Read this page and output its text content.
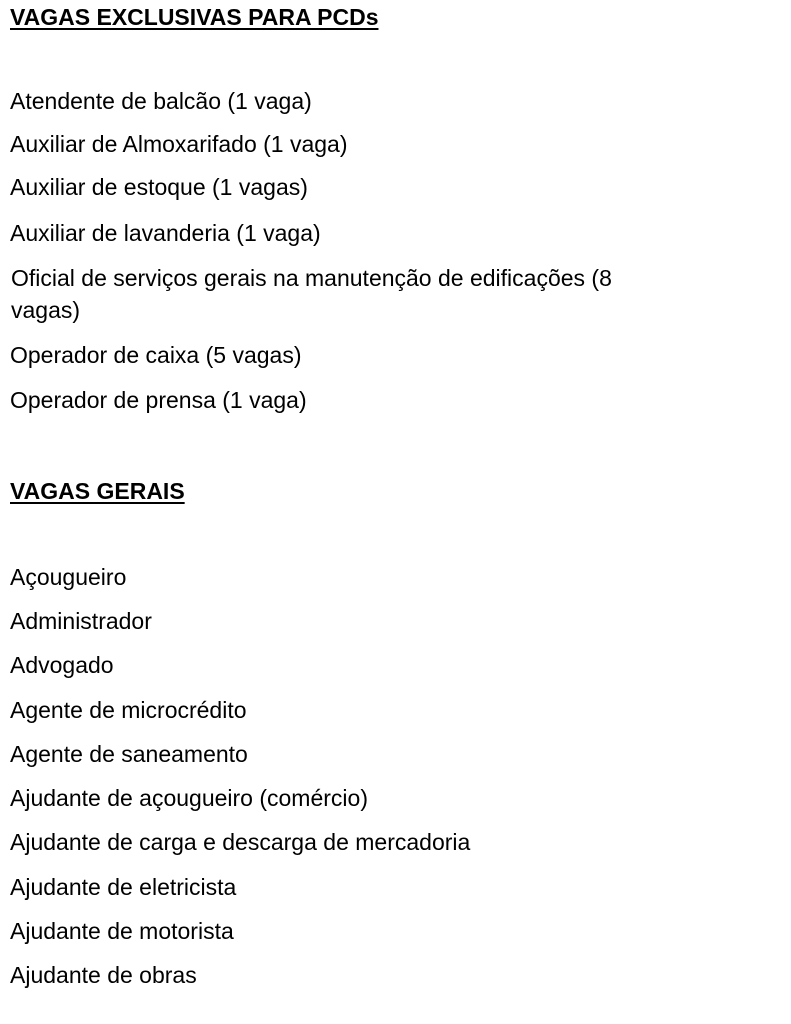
VAGAS EXCLUSIVAS PARA PCDs

Atendente de balcão (1 vaga)

Auxiliar de Almoxarifado (1 vaga)

Auxiliar de estoque (1 vagas)

Auxiliar de lavanderia (1 vaga)

Oficial de serviços gerais na manutenção de edificações (8 vagas)

Operador de caixa (5 vagas)

Operador de prensa (1 vaga)

VAGAS GERAIS

Açougueiro

Administrador

Advogado

Agente de microcrédito

Agente de saneamento

Ajudante de açougueiro (comércio)

Ajudante de carga e descarga de mercadoria

Ajudante de eletricista

Ajudante de motorista

Ajudante de obras
